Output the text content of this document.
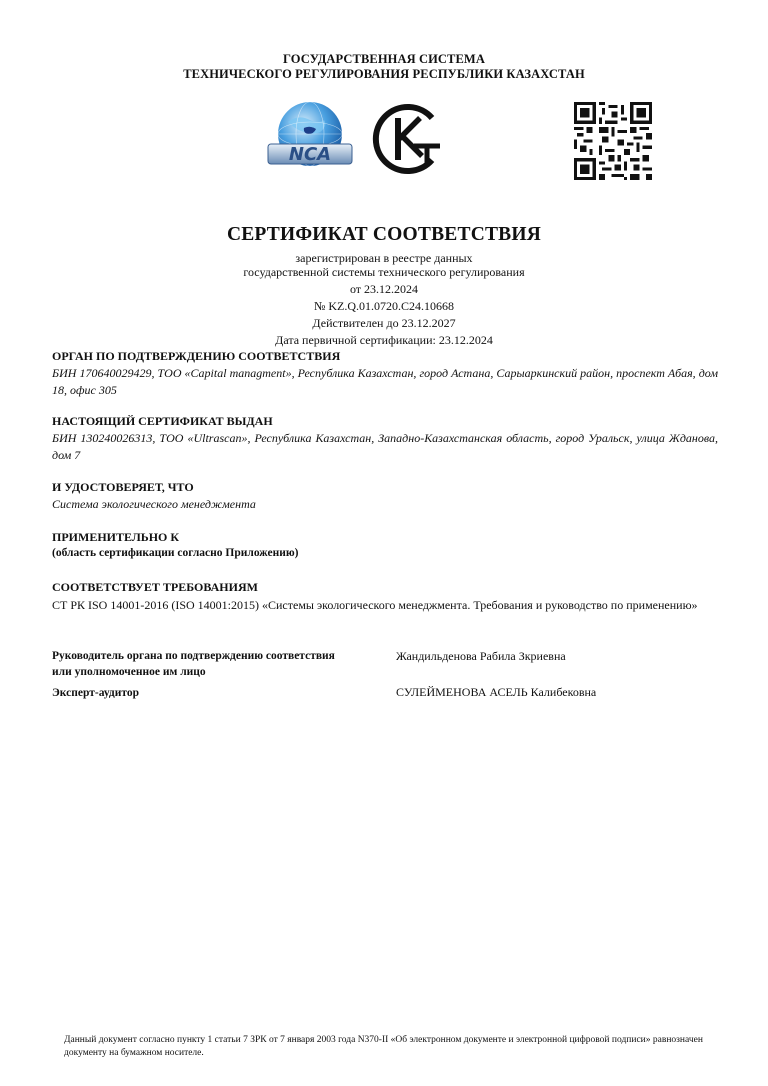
ГОСУДАРСТВЕННАЯ СИСТЕМА
ТЕХНИЧЕСКОГО РЕГУЛИРОВАНИЯ РЕСПУБЛИКИ КАЗАХСТАН
NCA
СЕРТИФИКАТ СООТВЕТСТВИЯ
зарегистрирован в реестре данных
государственной системы технического регулирования
от 23.12.2024
№ KZ.Q.01.0720.C24.10668
Действителен до 23.12.2027
Дата первичной сертификации: 23.12.2024
ОРГАН ПО ПОДТВЕРЖДЕНИЮ СООТВЕТСТВИЯ
БИН 170640029429, ТОО «Capital managment», Республика Казахстан, город Астана, Сарыаркинский район, проспект Абая, дом 18, офис 305
НАСТОЯЩИЙ СЕРТИФИКАТ ВЫДАН
БИН 130240026313, ТОО «Ultrascan», Республика Казахстан, Западно-Казахстанская область, город Уральск, улица Жданова, дом 7
И УДОСТОВЕРЯЕТ, ЧТО
Система экологического менеджмента
ПРИМЕНИТЕЛЬНО К
(область сертификации согласно Приложению)
СООТВЕТСТВУЕТ ТРЕБОВАНИЯМ
СТ РК ISO 14001-2016 (ISO 14001:2015) «Системы экологического менеджмента. Требования и руководство по применению»
Руководитель органа по подтверждению соответствия или уполномоченное им лицо
Жандильденова Рабила Зкриевна
Эксперт-аудитор	СУЛЕЙМЕНОВА АСЕЛЬ Калибековна
Данный документ согласно пункту 1 статьи 7 ЗРК от 7 января 2003 года N370-II «Об электронном документе и электронной цифровой подписи» равнозначен документу на бумажном носителе.
